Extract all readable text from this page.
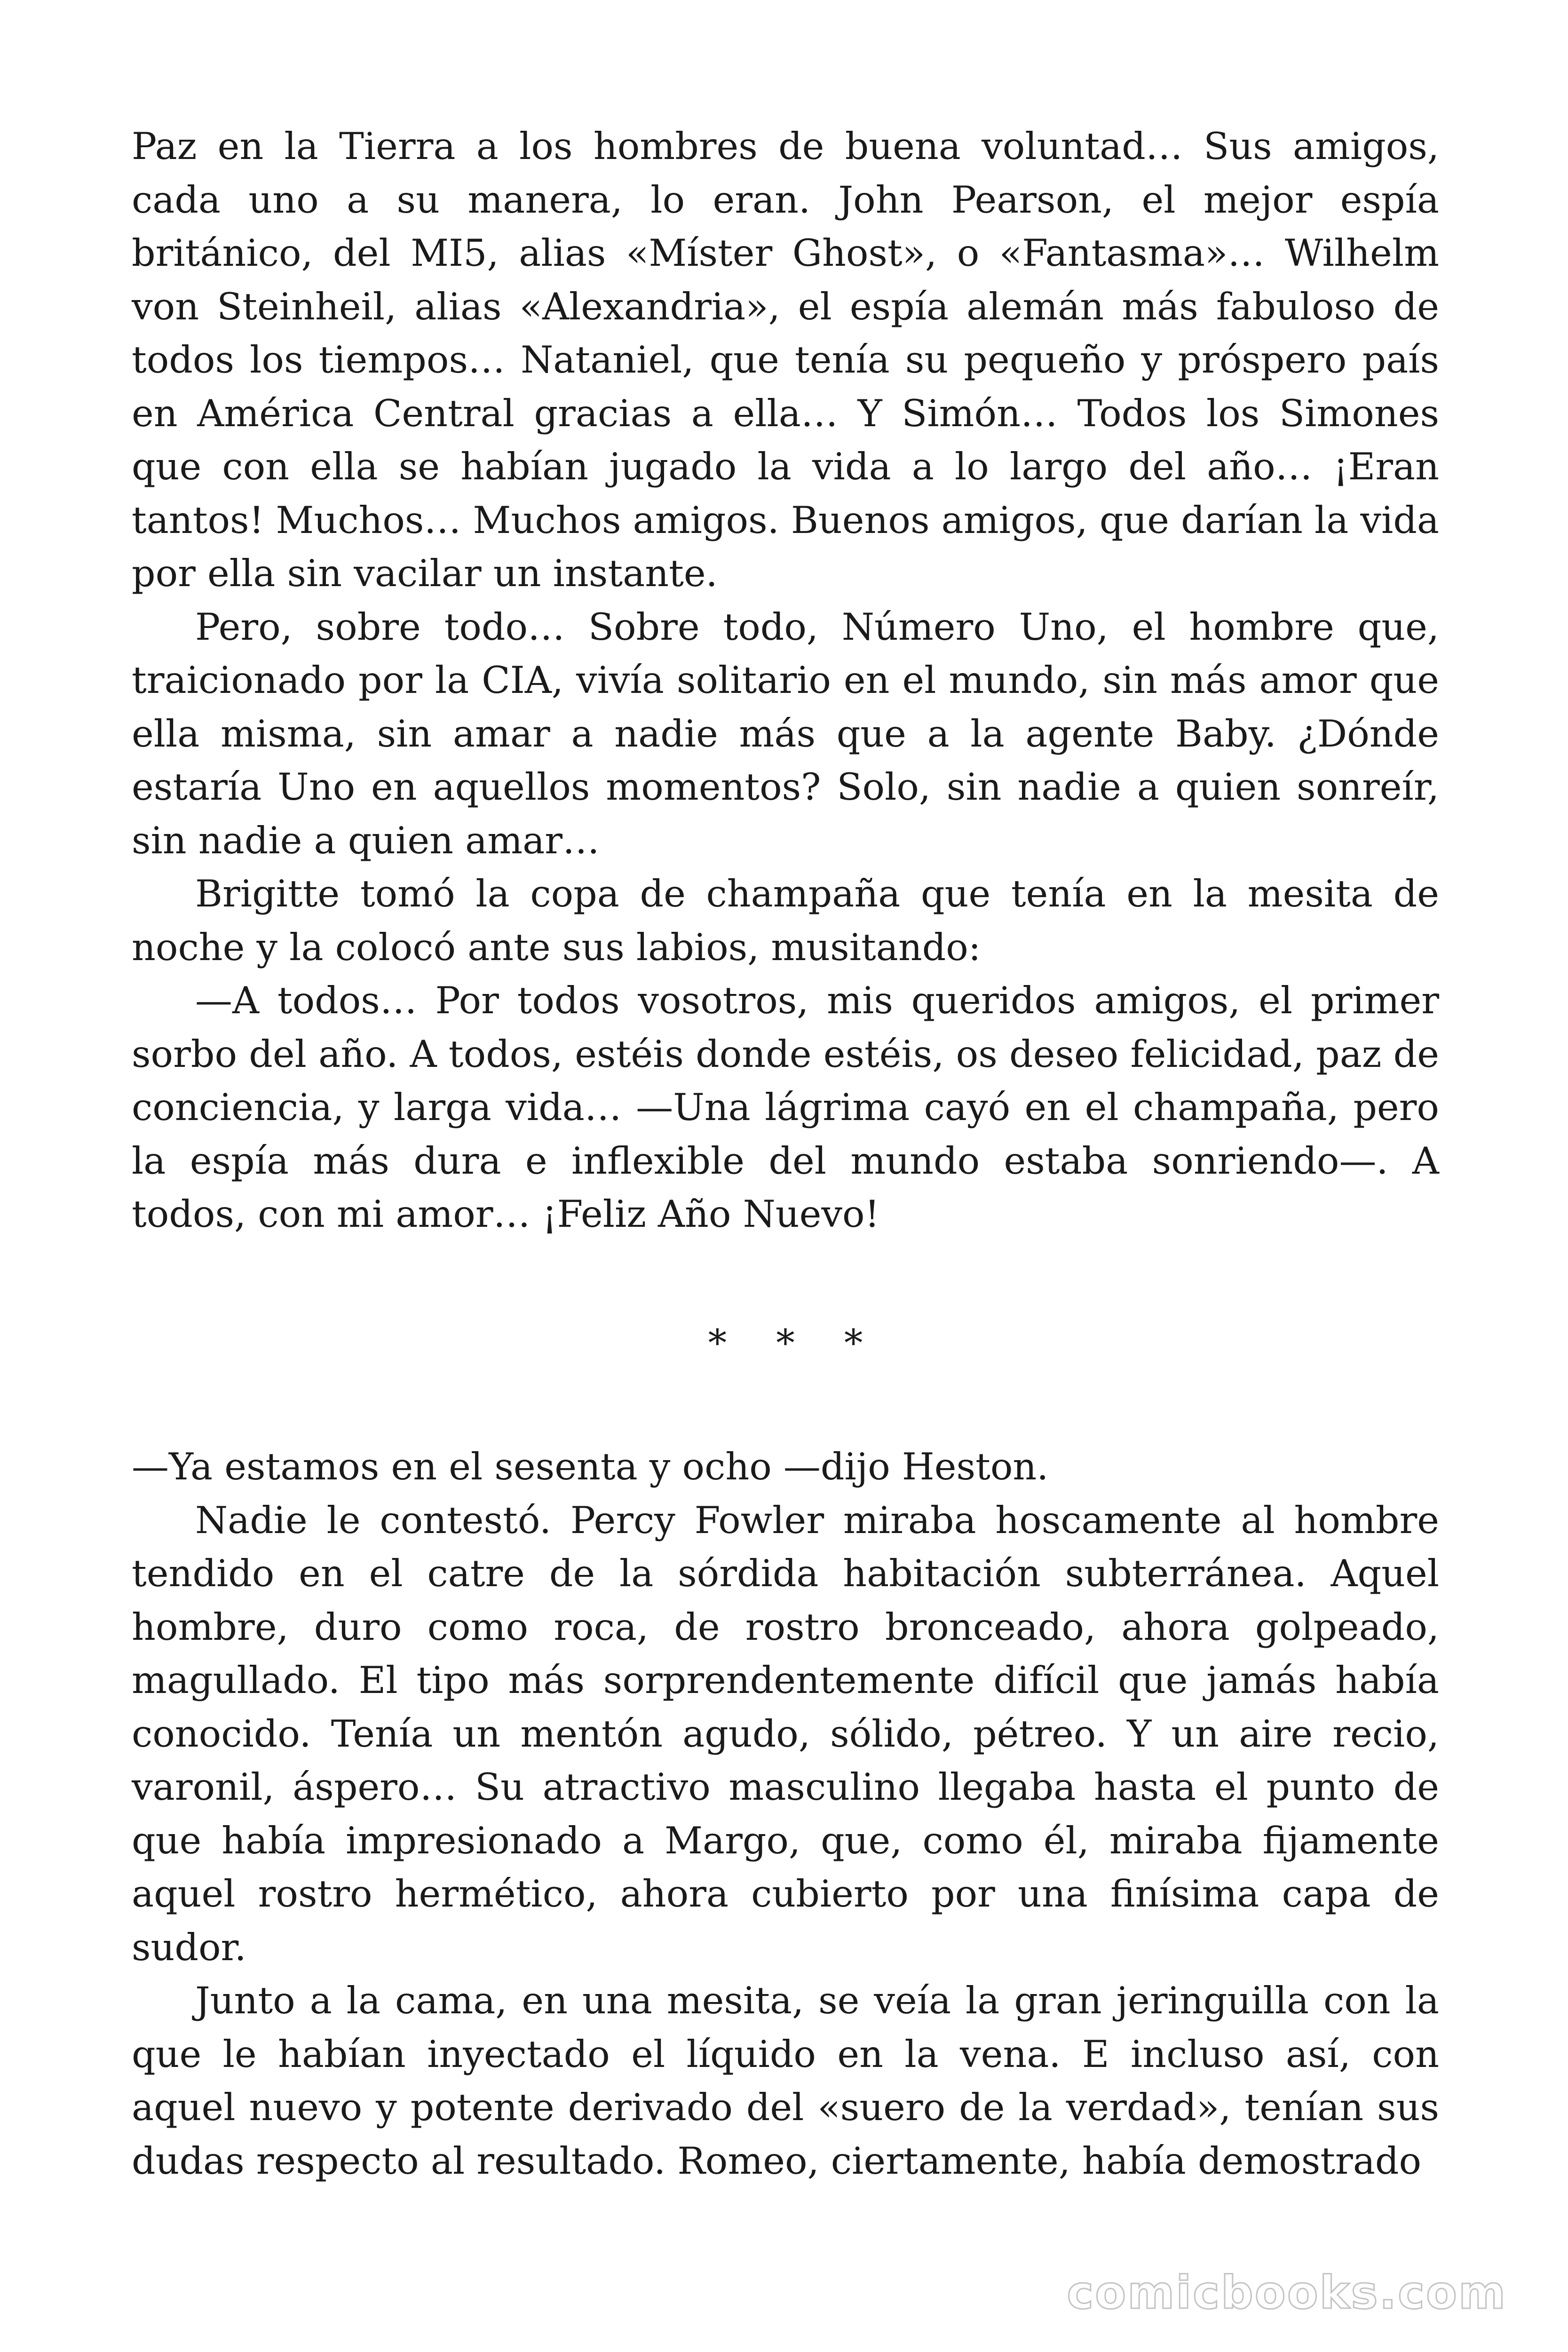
Paz en la Tierra a los hombres de buena voluntad… Sus amigos, cada uno a su manera, lo eran. John Pearson, el mejor espía británico, del MI5, alias «Míster Ghost», o «Fantasma»… Wilhelm von Steinheil, alias «Alexandria», el espía alemán más fabuloso de todos los tiempos… Nataniel, que tenía su pequeño y próspero país en América Central gracias a ella… Y Simón… Todos los Simones que con ella se habían jugado la vida a lo largo del año… ¡Eran tantos! Muchos… Muchos amigos. Buenos amigos, que darían la vida por ella sin vacilar un instante.

Pero, sobre todo… Sobre todo, Número Uno, el hombre que, traicionado por la CIA, vivía solitario en el mundo, sin más amor que ella misma, sin amar a nadie más que a la agente Baby. ¿Dónde estaría Uno en aquellos momentos? Solo, sin nadie a quien sonreír, sin nadie a quien amar…

Brigitte tomó la copa de champaña que tenía en la mesita de noche y la colocó ante sus labios, musitando:

—A todos… Por todos vosotros, mis queridos amigos, el primer sorbo del año. A todos, estéis donde estéis, os deseo felicidad, paz de conciencia, y larga vida… —Una lágrima cayó en el champaña, pero la espía más dura e inflexible del mundo estaba sonriendo—. A todos, con mi amor… ¡Feliz Año Nuevo!

* * *

—Ya estamos en el sesenta y ocho —dijo Heston.

Nadie le contestó. Percy Fowler miraba hoscamente al hombre tendido en el catre de la sórdida habitación subterránea. Aquel hombre, duro como roca, de rostro bronceado, ahora golpeado, magullado. El tipo más sorprendentemente difícil que jamás había conocido. Tenía un mentón agudo, sólido, pétreo. Y un aire recio, varonil, áspero… Su atractivo masculino llegaba hasta el punto de que había impresionado a Margo, que, como él, miraba fijamente aquel rostro hermético, ahora cubierto por una finísima capa de sudor.

Junto a la cama, en una mesita, se veía la gran jeringuilla con la que le habían inyectado el líquido en la vena. E incluso así, con aquel nuevo y potente derivado del «suero de la verdad», tenían sus dudas respecto al resultado. Romeo, ciertamente, había demostrado

comicbooks.com
